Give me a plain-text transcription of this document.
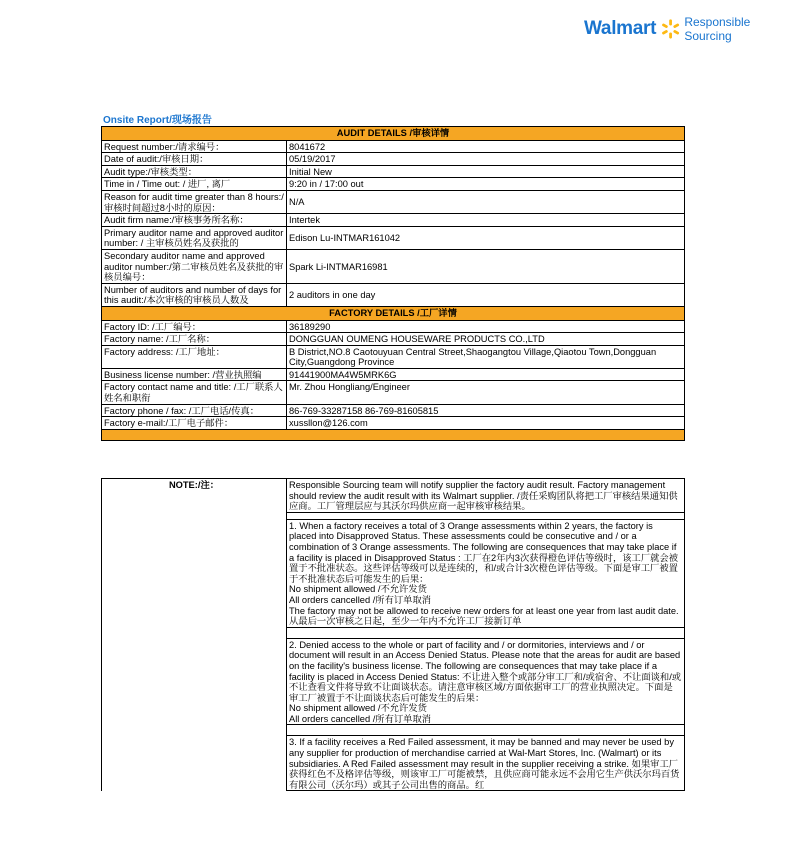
Walmart Responsible Sourcing
Onsite Report/现场报告
AUDIT DETAILS /审核详情	
Request number:/请求编号：	8041672
Date of audit:/审核日期：	05/19/2017
Audit type:/审核类型：	Initial New
Time in / Time out: / 进厂, 离厂	9:20 in / 17:00 out
Reason for audit time greater than 8 hours:/审核时间超过8小时的原因：	N/A
Audit firm name:/审核事务所名称：	Intertek
Primary auditor name and approved auditor number: / 主审核员姓名及获批的	Edison Lu-INTMAR161042
Secondary auditor name and approved auditor number:/第二审核员姓名及获批的审核员编号：	Spark Li-INTMAR16981
Number of auditors and number of days for this audit:/本次审核的审核员人数及	2 auditors in one day
FACTORY DETAILS /工厂详情	
Factory ID: /工厂编号：	36189290
Factory name: /工厂名称：	DONGGUAN OUMENG HOUSEWARE PRODUCTS CO.,LTD
Factory address: /工厂地址：	B District,NO.8 Caotouyuan Central Street,Shaogangtou Village,Qiaotou Town,Dongguan City,Guangdong Province
Business license number: /营业执照编	91441900MA4W5MRK6G
Factory contact name and title: /工厂联系人姓名和职衔	Mr. Zhou Hongliang/Engineer
Factory phone / fax: /工厂电话/传真：	86-769-33287158 86-769-81605815
Factory e-mail:/工厂电子邮件：	xussllon@126.com

NOTE:/注：	Responsible Sourcing team will notify supplier the factory audit result. Factory management should review the audit result with its Walmart supplier. /责任采购团队将把工厂审核结果通知供应商。工厂管理层应与其沃尔玛供应商一起审核审核结果。

1. When a factory receives a total of 3 Orange assessments within 2 years, the factory is placed into Disapproved Status. These assessments could be consecutive and / or a combination of 3 Orange assessments. The following are consequences that may take place if a facility is placed in Disapproved Status : 工厂在2年内3次获得橙色评估等级时，该工厂就会被置于不批准状态。这些评估等级可以是连续的，和/或合计3次橙色评估等级。下面是审工厂被置于不批准状态后可能发生的后果：
No shipment allowed /不允许发货
All orders cancelled /所有订单取消
The factory may not be allowed to receive new orders for at least one year from last audit date. 从最后一次审核之日起，至少一年内不允许工厂接新订单

2. Denied access to the whole or part of facility and / or dormitories, interviews and / or document will result in an Access Denied Status. Please note that the areas for audit are based on the facility's business license. The following are consequences that may take place if a facility is placed in Access Denied Status: 不让进入整个或部分审工厂和/或宿舍、不让面谈和/或不让查看文件将导致不让面谈状态。请注意审核区域/方面依据审工厂的营业执照决定。下面是审工厂被置于不让面谈状态后可能发生的后果：
No shipment allowed /不允许发货
All orders cancelled /所有订单取消

3. If a facility receives a Red Failed assessment, it may be banned and may never be used by any supplier for production of merchandise carried at Wal-Mart Stores, Inc. (Walmart) or its subsidiaries. A Red Failed assessment may result in the supplier receiving a strike. 如果审工厂获得红色不及格评估等级，则该审工厂可能被禁，且供应商可能永远不会用它生产供沃尔玛百货有限公司（沃尔玛）或其子公司出售的商品。红
